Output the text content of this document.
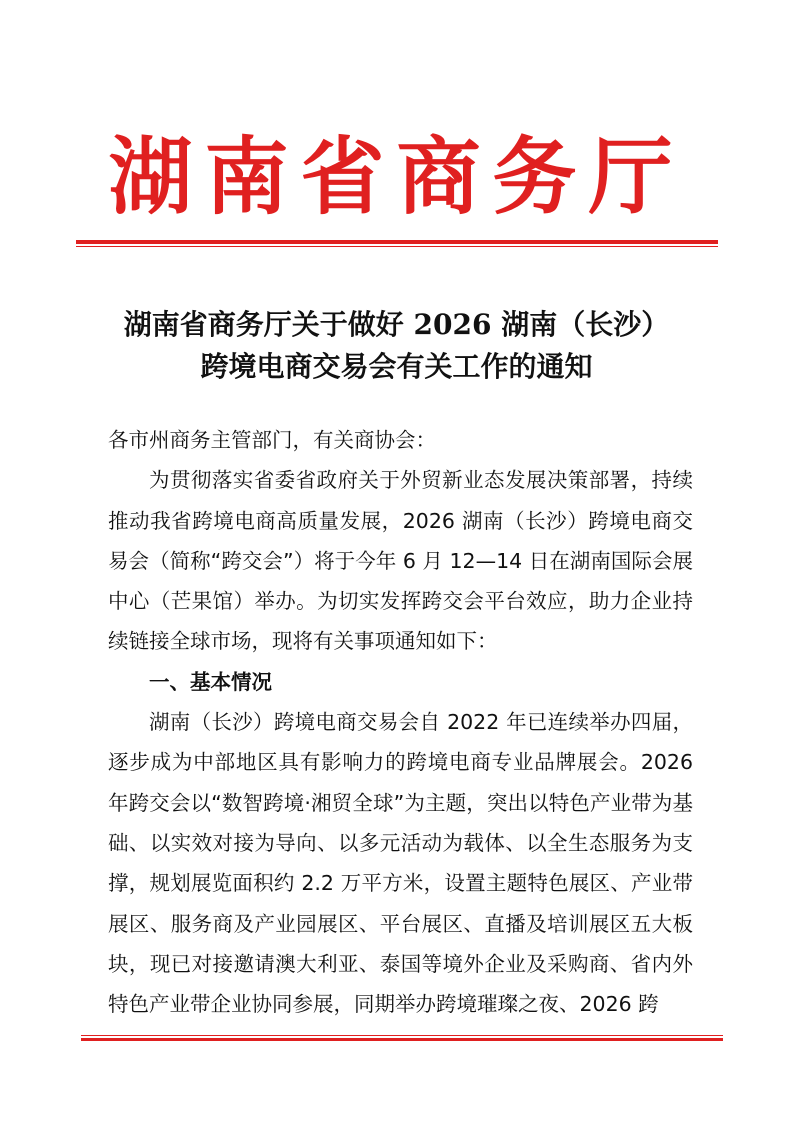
湖南省商务厅
湖南省商务厅关于做好 2026 湖南（长沙）
跨境电商交易会有关工作的通知

各市州商务主管部门，有关商协会：

为贯彻落实省委省政府关于外贸新业态发展决策部署，持续推动我省跨境电商高质量发展，2026 湖南（长沙）跨境电商交易会（简称“跨交会”）将于今年 6 月 12—14 日在湖南国际会展中心（芒果馆）举办。为切实发挥跨交会平台效应，助力企业持续链接全球市场，现将有关事项通知如下：

一、基本情况

湖南（长沙）跨境电商交易会自 2022 年已连续举办四届，逐步成为中部地区具有影响力的跨境电商专业品牌展会。2026 年跨交会以“数智跨境·湘贸全球”为主题，突出以特色产业带为基础、以实效对接为导向、以多元活动为载体、以全生态服务为支撑，规划展览面积约 2.2 万平方米，设置主题特色展区、产业带展区、服务商及产业园展区、平台展区、直播及培训展区五大板块，现已对接邀请澳大利亚、泰国等境外企业及采购商、省内外特色产业带企业协同参展，同期举办跨境璀璨之夜、2026 跨
